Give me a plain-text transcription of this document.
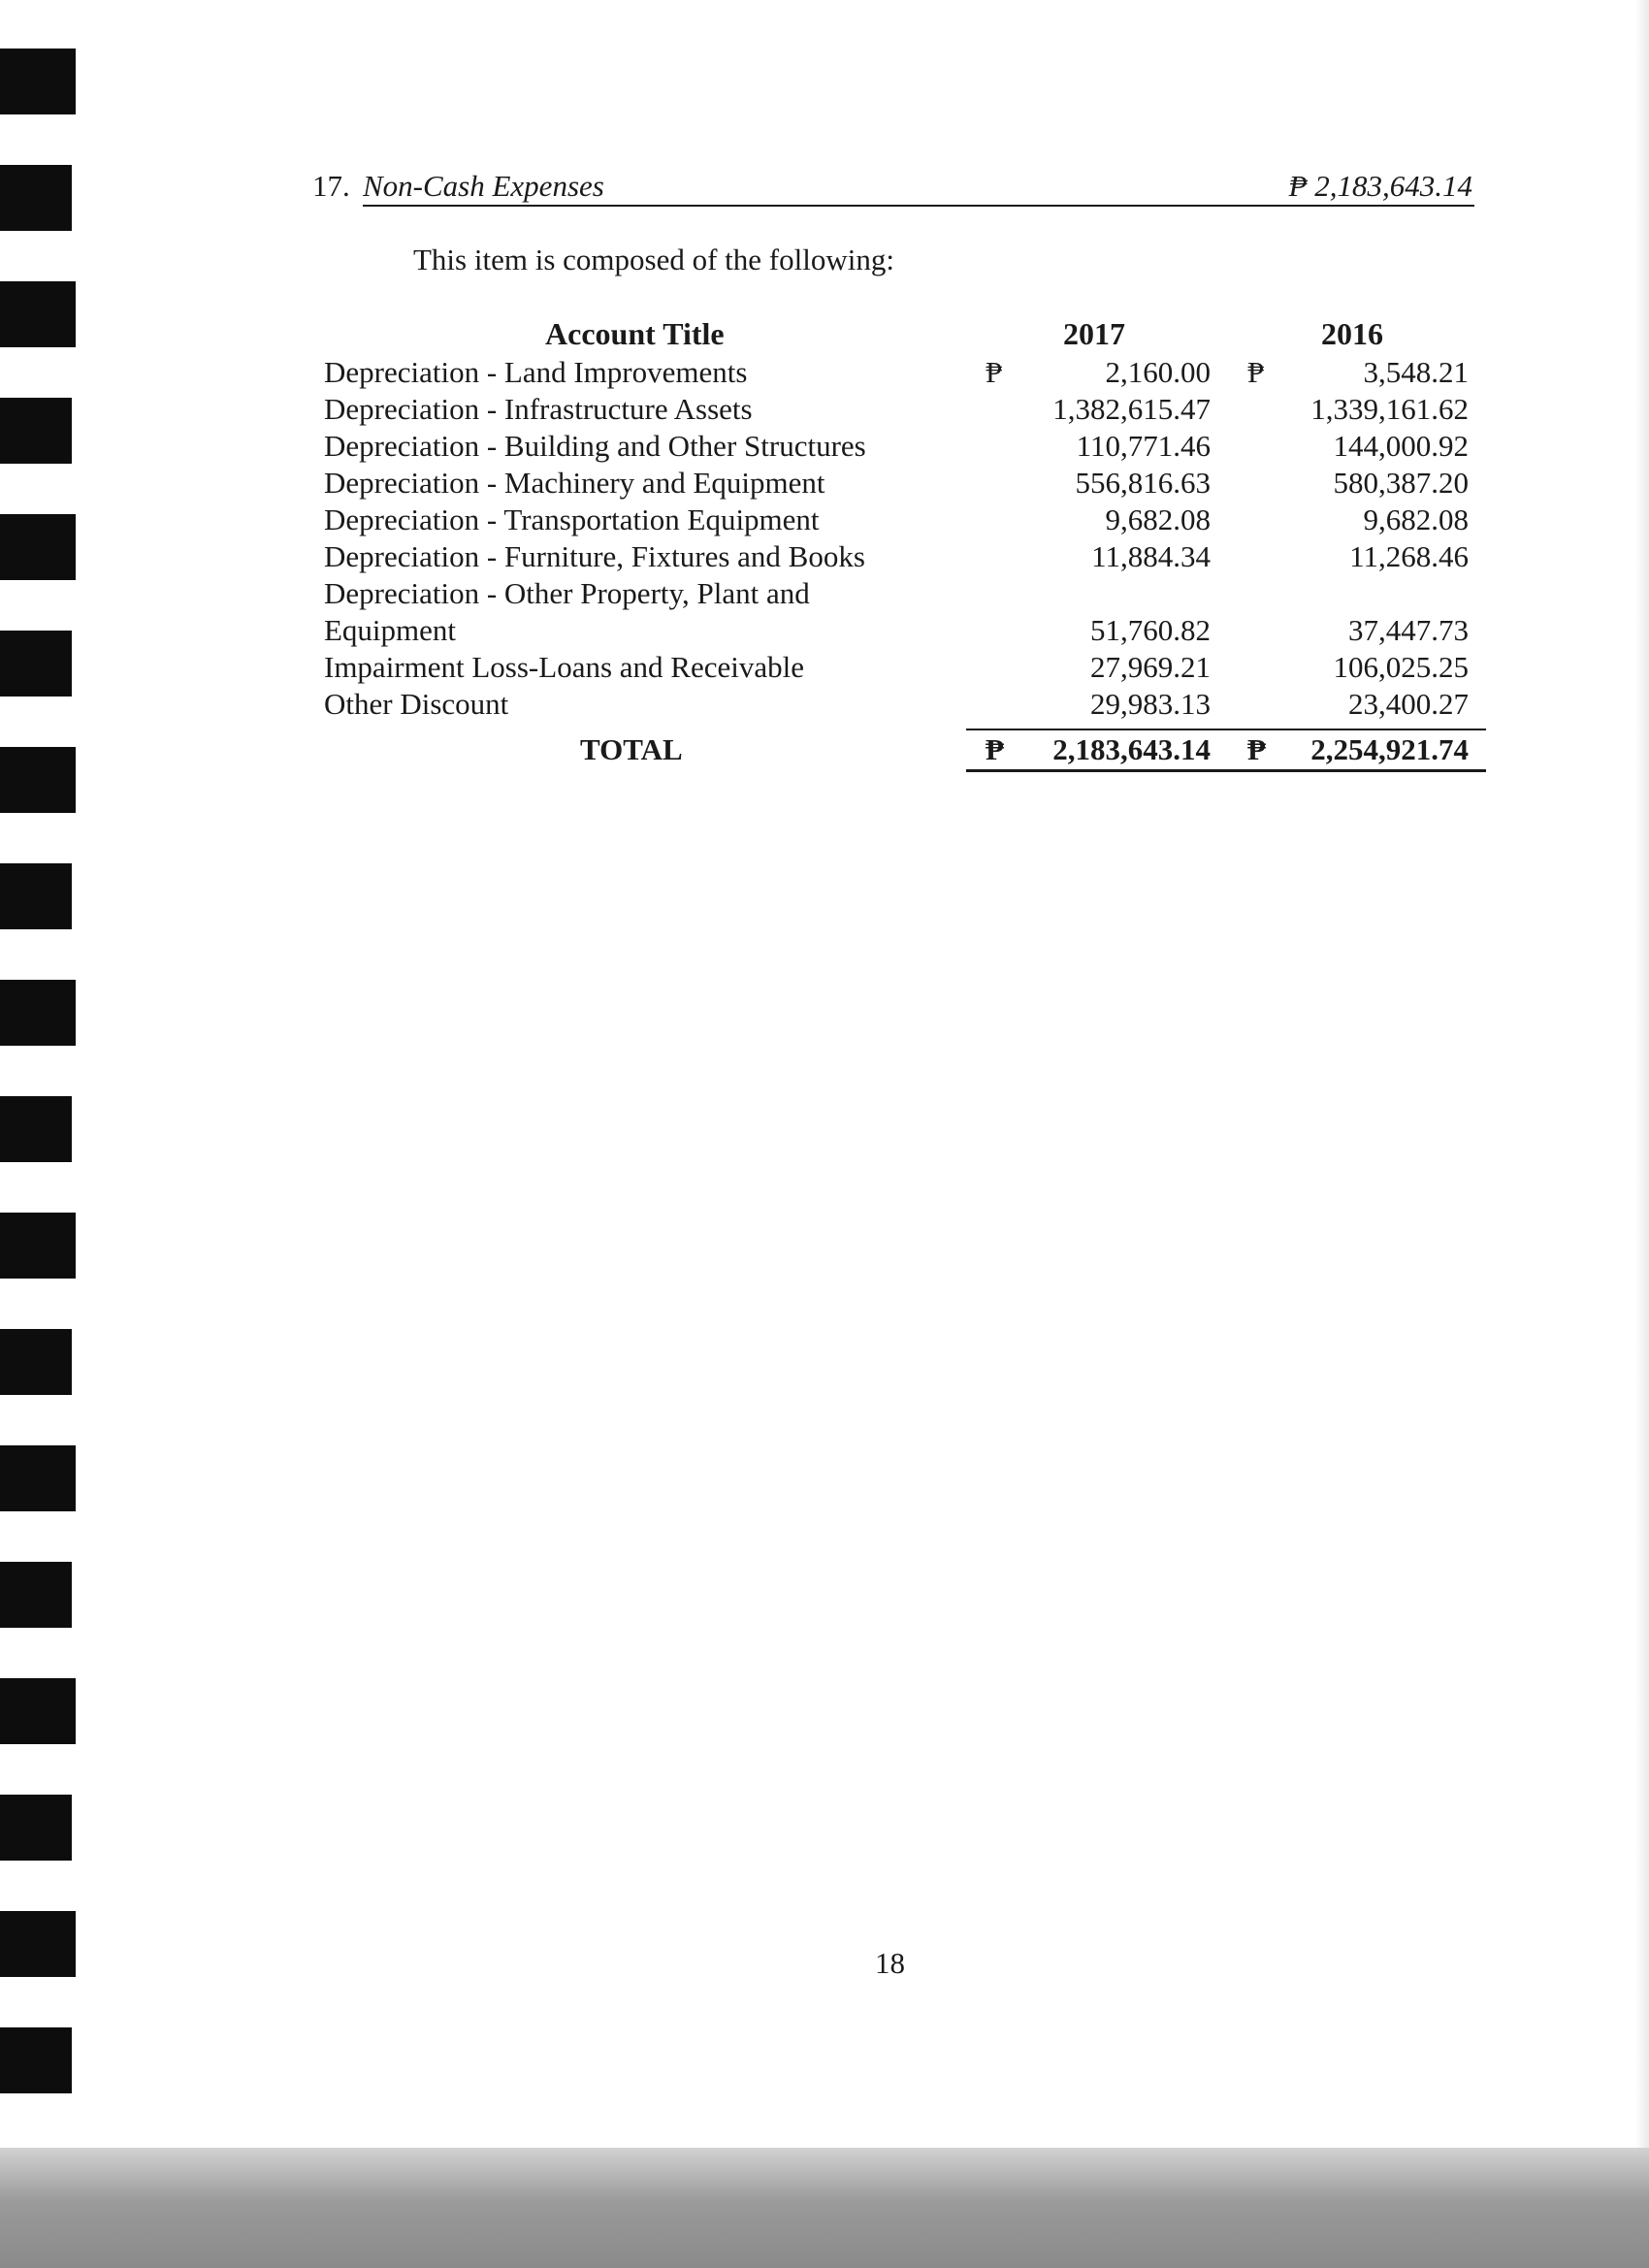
17. Non-Cash Expenses	₱ 2,183,643.14
This item is composed of the following:
Account Title	2017	2016
Depreciation - Land Improvements	₱	2,160.00 ₱	3,548.21
Depreciation - Infrastructure Assets	1,382,615.47	1,339,161.62
Depreciation - Building and Other Structures	110,771.46	144,000.92
Depreciation - Machinery and Equipment	556,816.63	580,387.20
Depreciation - Transportation Equipment	9,682.08	9,682.08
Depreciation - Furniture, Fixtures and Books	11,884.34	11,268.46
Depreciation - Other Property, Plant and
Equipment	51,760.82	37,447.73
Impairment Loss-Loans and Receivable	27,969.21	106,025.25
Other Discount	29,983.13	23,400.27
TOTAL	₱ 2,183,643.14 ₱ 2,254,921.74
18
